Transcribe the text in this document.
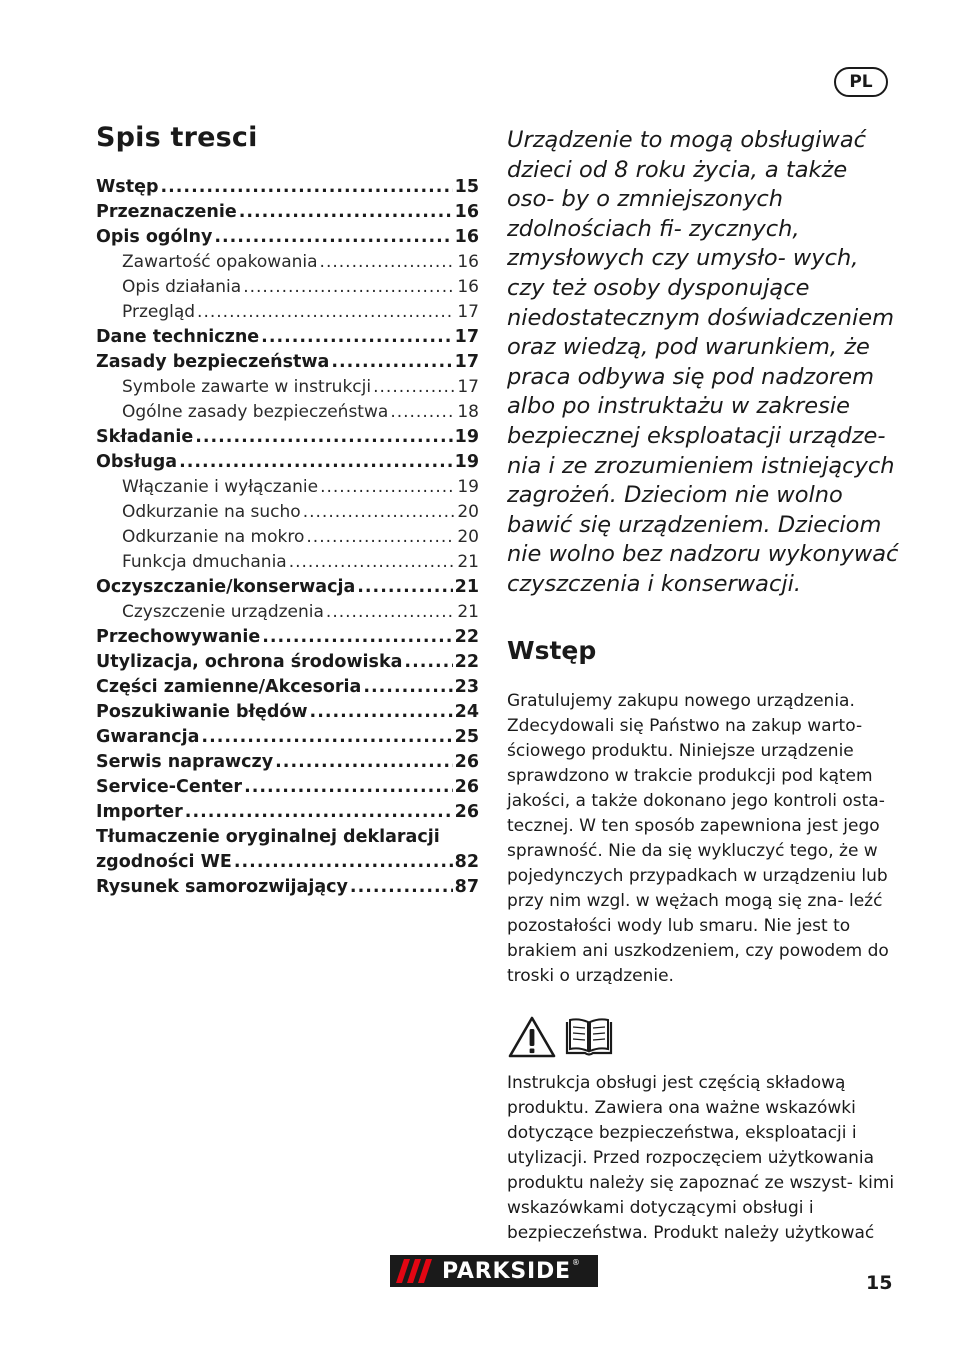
PL
Spis tresci
Wstęp .....	15
Przeznaczenie .....	16
Opis ogólny .....	16
Zawartość opakowania .....	16
Opis działania .....	16
Przegląd .....	17
Dane techniczne .....	17
Zasady bezpieczeństwa .....	17
Symbole zawarte w instrukcji .....	17
Ogólne zasady bezpieczeństwa .....	18
Składanie .....	19
Obsługa .....	19
Włączanie i wyłączanie .....	19
Odkurzanie na sucho .....	20
Odkurzanie na mokro .....	20
Funkcja dmuchania .....	21
Oczyszczanie/konserwacja .....	21
Czyszczenie urządzenia .....	21
Przechowywanie .....	22
Utylizacja, ochrona środowiska .....	22
Części zamienne/Akcesoria .....	23
Poszukiwanie błędów .....	24
Gwarancja .....	25
Serwis naprawczy .....	26
Service-Center .....	26
Importer .....	26
Tłumaczenie oryginalnej deklaracji
zgodności WE .....	82
Rysunek samorozwijający .....	87

Urządzenie to mogą obsługiwać dzieci od 8 roku życia, a także oso- by o zmniejszonych zdolnościach fi- zycznych, zmysłowych czy umysło- wych, czy też osoby dysponujące niedostatecznym doświadczeniem oraz wiedzą, pod warunkiem, że praca odbywa się pod nadzorem albo po instruktażu w zakresie bezpiecznej eksploatacji urządze- nia i ze zrozumieniem istniejących zagrożeń. Dzieciom nie wolno bawić się urządzeniem. Dzieciom nie wolno bez nadzoru wykonywać czyszczenia i konserwacji.

Wstęp

Gratulujemy zakupu nowego urządzenia. Zdecydowali się Państwo na zakup warto- ściowego produktu. Niniejsze urządzenie sprawdzono w trakcie produkcji pod kątem jakości, a także dokonano jego kontroli osta- tecznej. W ten sposób zapewniona jest jego sprawność. Nie da się wykluczyć tego, że w pojedynczych przypadkach w urządzeniu lub przy nim wzgl. w wężach mogą się zna- leźć pozostałości wody lub smaru. Nie jest to brakiem ani uszkodzeniem, czy powodem do troski o urządzenie.

Instrukcja obsługi jest częścią składową produktu. Zawiera ona ważne wskazówki dotyczące bezpieczeństwa, eksploatacji i utylizacji. Przed rozpoczęciem użytkowania produktu należy się zapoznać ze wszyst- kimi wskazówkami dotyczącymi obsługi i bezpieczeństwa. Produkt należy użytkować

PARKSIDE ®
15
